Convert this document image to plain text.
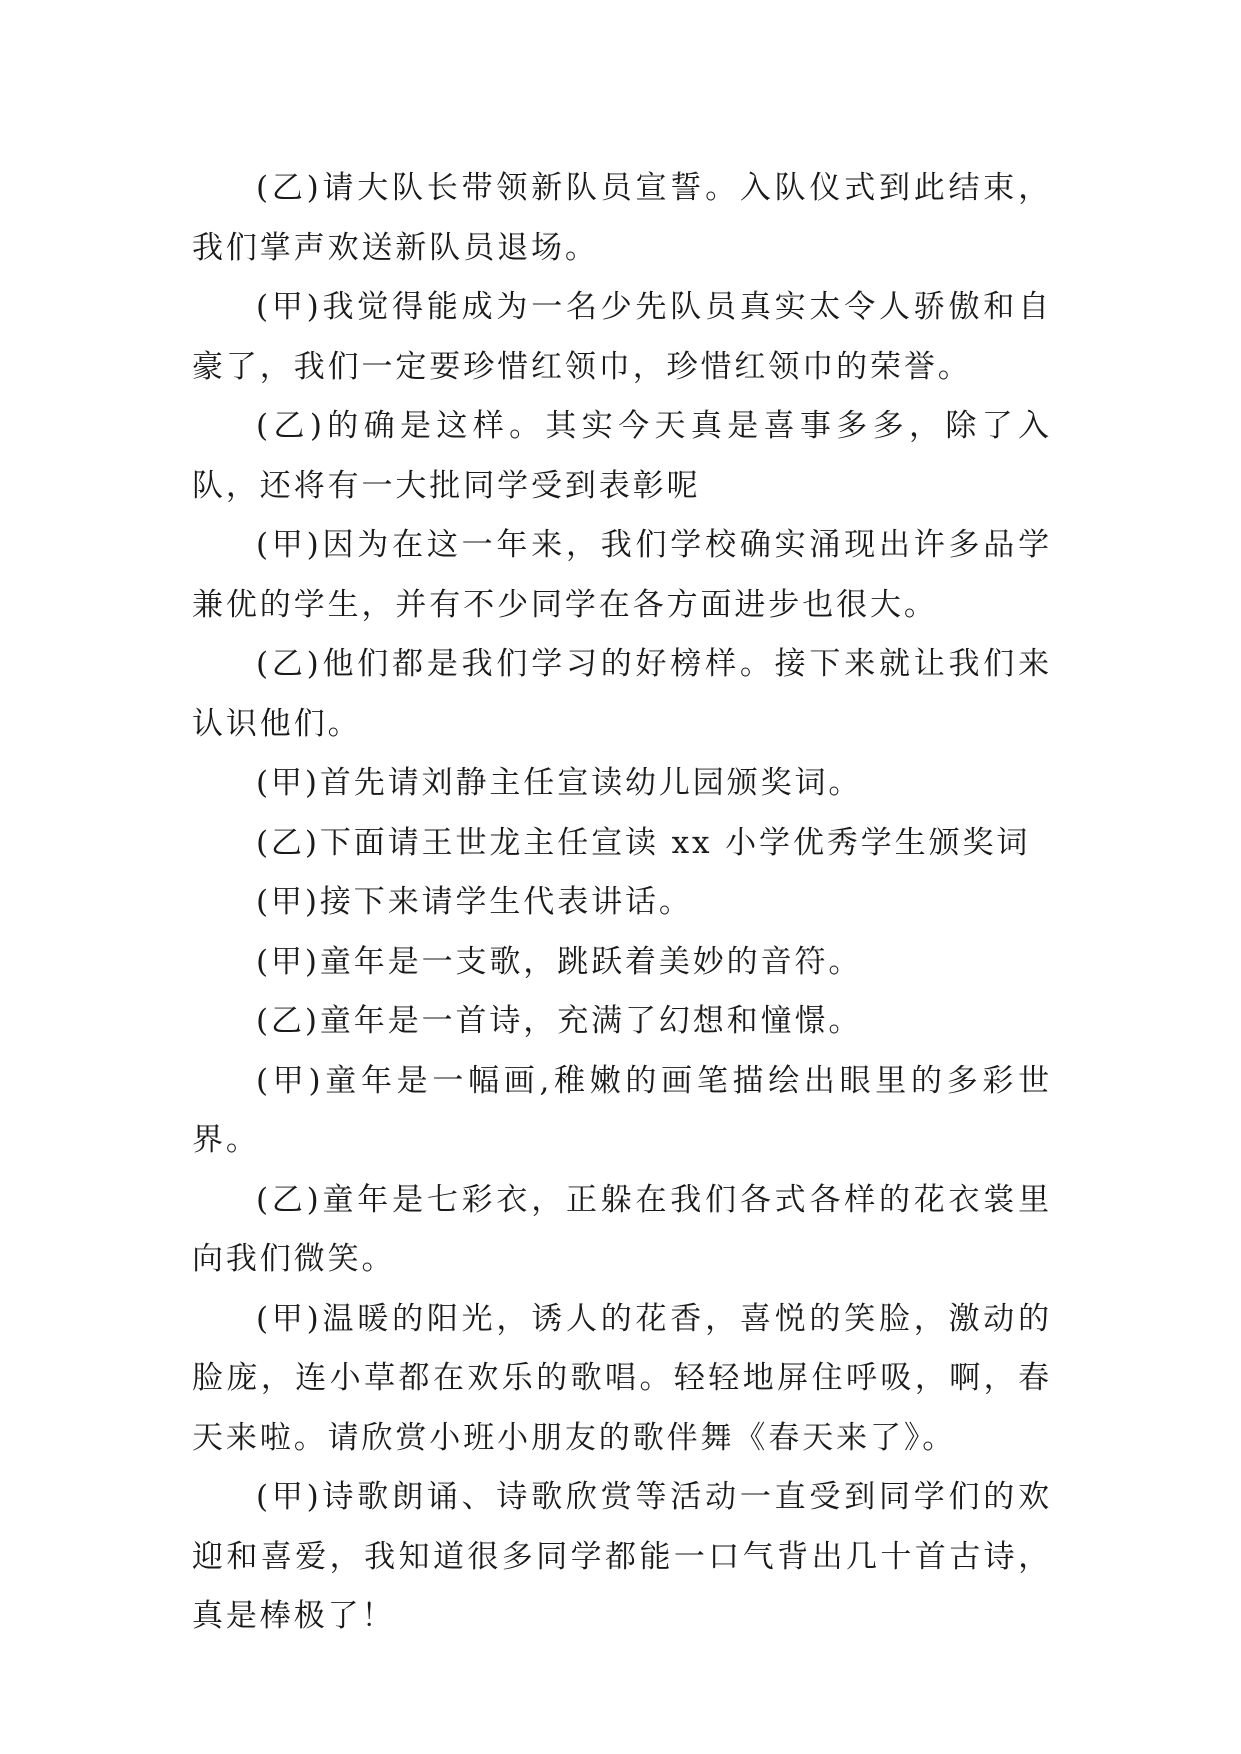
(乙)请大队长带领新队员宣誓。入队仪式到此结束，我们掌声欢送新队员退场。

(甲)我觉得能成为一名少先队员真实太令人骄傲和自豪了，我们一定要珍惜红领巾，珍惜红领巾的荣誉。

(乙)的确是这样。其实今天真是喜事多多，除了入队，还将有一大批同学受到表彰呢

(甲)因为在这一年来，我们学校确实涌现出许多品学兼优的学生，并有不少同学在各方面进步也很大。

(乙)他们都是我们学习的好榜样。接下来就让我们来认识他们。

(甲)首先请刘静主任宣读幼儿园颁奖词。

(乙)下面请王世龙主任宣读 xx 小学优秀学生颁奖词

(甲)接下来请学生代表讲话。

(甲)童年是一支歌，跳跃着美妙的音符。

(乙)童年是一首诗，充满了幻想和憧憬。

(甲)童年是一幅画,稚嫩的画笔描绘出眼里的多彩世界。

(乙)童年是七彩衣，正躲在我们各式各样的花衣裳里向我们微笑。

(甲)温暖的阳光，诱人的花香，喜悦的笑脸，激动的脸庞，连小草都在欢乐的歌唱。轻轻地屏住呼吸，啊，春天来啦。请欣赏小班小朋友的歌伴舞《春天来了》。

(甲)诗歌朗诵、诗歌欣赏等活动一直受到同学们的欢迎和喜爱，我知道很多同学都能一口气背出几十首古诗，真是棒极了！
